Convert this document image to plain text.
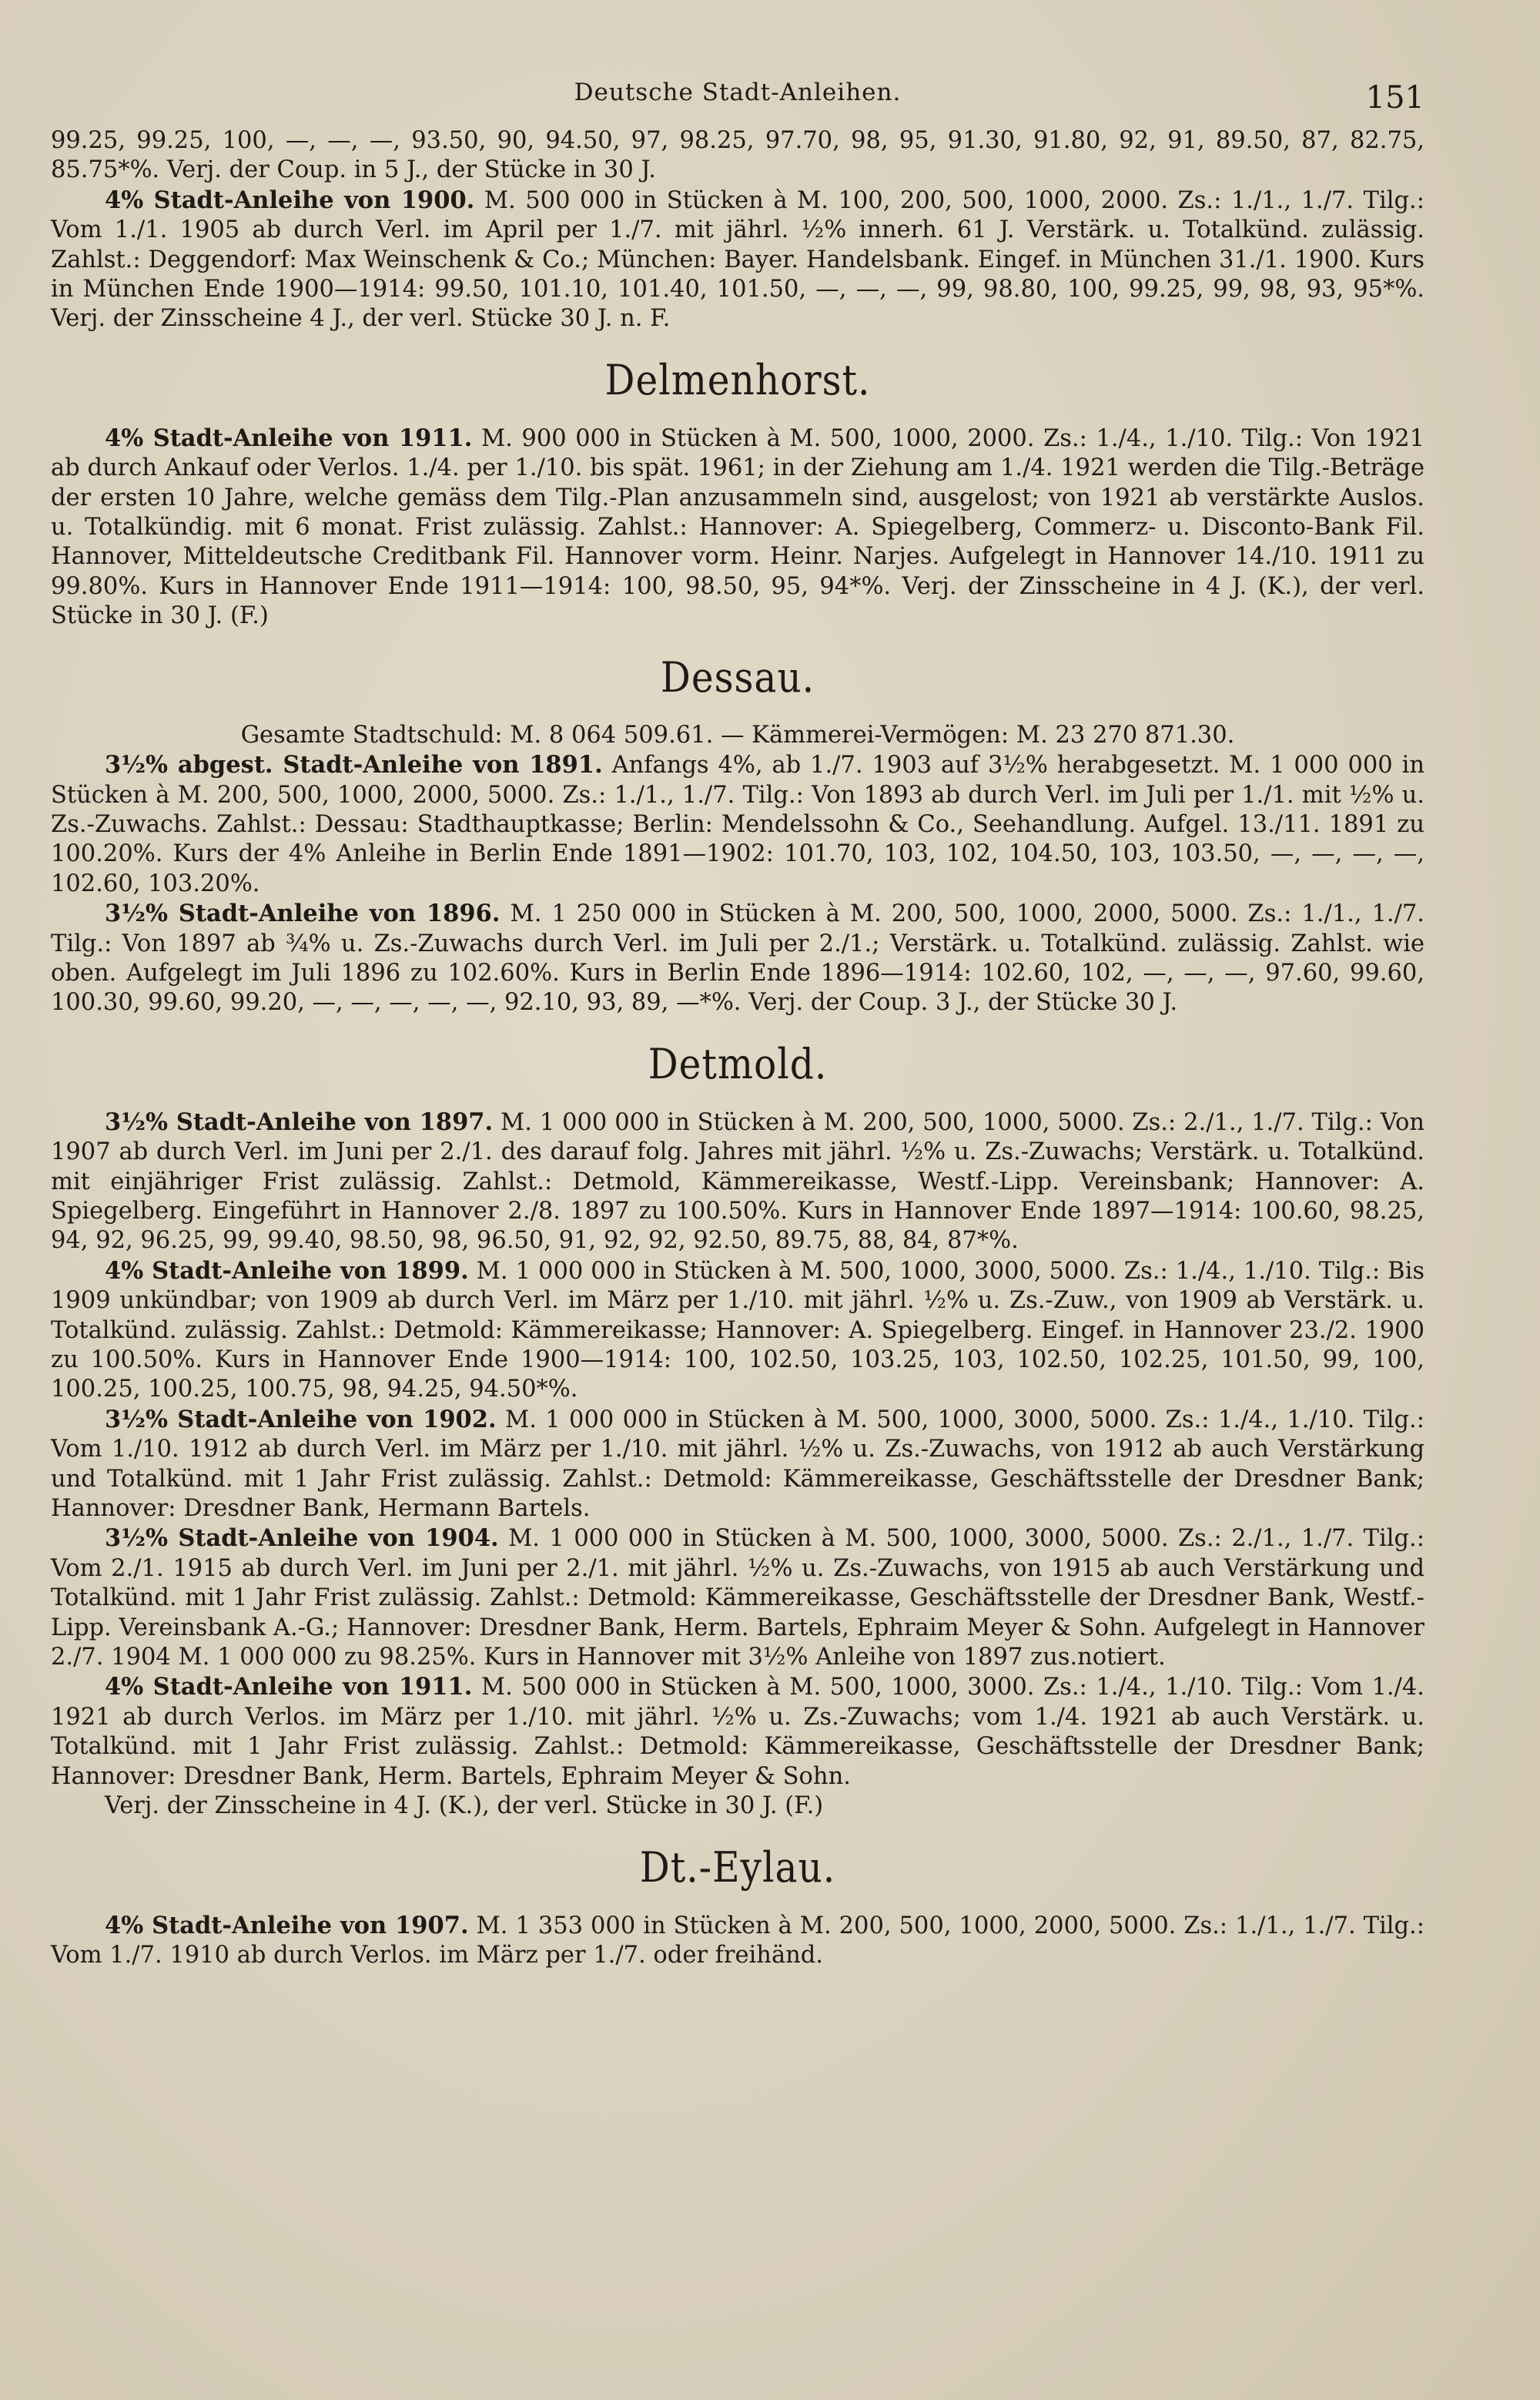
Deutsche Stadt-Anleihen.	151

99.25, 99.25, 100, —, —, —, 93.50, 90, 94.50, 97, 98.25, 97.70, 98, 95, 91.30, 91.80, 92, 91, 89.50, 87, 82.75, 85.75*%. Verj. der Coup. in 5 J., der Stücke in 30 J.

4% Stadt-Anleihe von 1900. M. 500 000 in Stücken à M. 100, 200, 500, 1000, 2000. Zs.: 1./1., 1./7. Tilg.: Vom 1./1. 1905 ab durch Verl. im April per 1./7. mit jährl. ½% innerh. 61 J. Verstärk. u. Totalkünd. zulässig. Zahlst.: Deggendorf: Max Weinschenk & Co.; München: Bayer. Handelsbank. Eingef. in München 31./1. 1900. Kurs in München Ende 1900—1914: 99.50, 101.10, 101.40, 101.50, —, —, —, 99, 98.80, 100, 99.25, 99, 98, 93, 95*%. Verj. der Zinsscheine 4 J., der verl. Stücke 30 J. n. F.

Delmenhorst.

4% Stadt-Anleihe von 1911. M. 900 000 in Stücken à M. 500, 1000, 2000. Zs.: 1./4., 1./10. Tilg.: Von 1921 ab durch Ankauf oder Verlos. 1./4. per 1./10. bis spät. 1961; in der Ziehung am 1./4. 1921 werden die Tilg.-Beträge der ersten 10 Jahre, welche gemäss dem Tilg.-Plan anzusammeln sind, ausgelost; von 1921 ab verstärkte Auslos. u. Totalkündig. mit 6 monat. Frist zulässig. Zahlst.: Hannover: A. Spiegelberg, Commerz- u. Disconto-Bank Fil. Hannover, Mitteldeutsche Creditbank Fil. Hannover vorm. Heinr. Narjes. Aufgelegt in Hannover 14./10. 1911 zu 99.80%. Kurs in Hannover Ende 1911—1914: 100, 98.50, 95, 94*%. Verj. der Zinsscheine in 4 J. (K.), der verl. Stücke in 30 J. (F.)

Dessau.

Gesamte Stadtschuld: M. 8 064 509.61. — Kämmerei-Vermögen: M. 23 270 871.30.

3½% abgest. Stadt-Anleihe von 1891. Anfangs 4%, ab 1./7. 1903 auf 3½% herabgesetzt. M. 1 000 000 in Stücken à M. 200, 500, 1000, 2000, 5000. Zs.: 1./1., 1./7. Tilg.: Von 1893 ab durch Verl. im Juli per 1./1. mit ½% u. Zs.-Zuwachs. Zahlst.: Dessau: Stadthauptkasse; Berlin: Mendelssohn & Co., Seehandlung. Aufgel. 13./11. 1891 zu 100.20%. Kurs der 4% Anleihe in Berlin Ende 1891—1902: 101.70, 103, 102, 104.50, 103, 103.50, —, —, —, —, 102.60, 103.20%.

3½% Stadt-Anleihe von 1896. M. 1 250 000 in Stücken à M. 200, 500, 1000, 2000, 5000. Zs.: 1./1., 1./7. Tilg.: Von 1897 ab ¾% u. Zs.-Zuwachs durch Verl. im Juli per 2./1.; Verstärk. u. Totalkünd. zulässig. Zahlst. wie oben. Aufgelegt im Juli 1896 zu 102.60%. Kurs in Berlin Ende 1896—1914: 102.60, 102, —, —, —, 97.60, 99.60, 100.30, 99.60, 99.20, —, —, —, —, —, 92.10, 93, 89, —*%. Verj. der Coup. 3 J., der Stücke 30 J.

Detmold.

3½% Stadt-Anleihe von 1897. M. 1 000 000 in Stücken à M. 200, 500, 1000, 5000. Zs.: 2./1., 1./7. Tilg.: Von 1907 ab durch Verl. im Juni per 2./1. des darauf folg. Jahres mit jährl. ½% u. Zs.-Zuwachs; Verstärk. u. Totalkünd. mit einjähriger Frist zulässig. Zahlst.: Detmold, Kämmereikasse, Westf.-Lipp. Vereinsbank; Hannover: A. Spiegelberg. Eingeführt in Hannover 2./8. 1897 zu 100.50%. Kurs in Hannover Ende 1897—1914: 100.60, 98.25, 94, 92, 96.25, 99, 99.40, 98.50, 98, 96.50, 91, 92, 92, 92.50, 89.75, 88, 84, 87*%.

4% Stadt-Anleihe von 1899. M. 1 000 000 in Stücken à M. 500, 1000, 3000, 5000. Zs.: 1./4., 1./10. Tilg.: Bis 1909 unkündbar; von 1909 ab durch Verl. im März per 1./10. mit jährl. ½% u. Zs.-Zuw., von 1909 ab Verstärk. u. Totalkünd. zulässig. Zahlst.: Detmold: Kämmereikasse; Hannover: A. Spiegelberg. Eingef. in Hannover 23./2. 1900 zu 100.50%. Kurs in Hannover Ende 1900—1914: 100, 102.50, 103.25, 103, 102.50, 102.25, 101.50, 99, 100, 100.25, 100.25, 100.75, 98, 94.25, 94.50*%.

3½% Stadt-Anleihe von 1902. M. 1 000 000 in Stücken à M. 500, 1000, 3000, 5000. Zs.: 1./4., 1./10. Tilg.: Vom 1./10. 1912 ab durch Verl. im März per 1./10. mit jährl. ½% u. Zs.-Zuwachs, von 1912 ab auch Verstärkung und Totalkünd. mit 1 Jahr Frist zulässig. Zahlst.: Detmold: Kämmereikasse, Geschäftsstelle der Dresdner Bank; Hannover: Dresdner Bank, Hermann Bartels.

3½% Stadt-Anleihe von 1904. M. 1 000 000 in Stücken à M. 500, 1000, 3000, 5000. Zs.: 2./1., 1./7. Tilg.: Vom 2./1. 1915 ab durch Verl. im Juni per 2./1. mit jährl. ½% u. Zs.-Zuwachs, von 1915 ab auch Verstärkung und Totalkünd. mit 1 Jahr Frist zulässig. Zahlst.: Detmold: Kämmereikasse, Geschäftsstelle der Dresdner Bank, Westf.-Lipp. Vereinsbank A.-G.; Hannover: Dresdner Bank, Herm. Bartels, Ephraim Meyer & Sohn. Aufgelegt in Hannover 2./7. 1904 M. 1 000 000 zu 98.25%. Kurs in Hannover mit 3½% Anleihe von 1897 zus.notiert.

4% Stadt-Anleihe von 1911. M. 500 000 in Stücken à M. 500, 1000, 3000. Zs.: 1./4., 1./10. Tilg.: Vom 1./4. 1921 ab durch Verlos. im März per 1./10. mit jährl. ½% u. Zs.-Zuwachs; vom 1./4. 1921 ab auch Verstärk. u. Totalkünd. mit 1 Jahr Frist zulässig. Zahlst.: Detmold: Kämmereikasse, Geschäftsstelle der Dresdner Bank; Hannover: Dresdner Bank, Herm. Bartels, Ephraim Meyer & Sohn.

Verj. der Zinsscheine in 4 J. (K.), der verl. Stücke in 30 J. (F.)

Dt.-Eylau.

4% Stadt-Anleihe von 1907. M. 1 353 000 in Stücken à M. 200, 500, 1000, 2000, 5000. Zs.: 1./1., 1./7. Tilg.: Vom 1./7. 1910 ab durch Verlos. im März per 1./7. oder freihänd.
